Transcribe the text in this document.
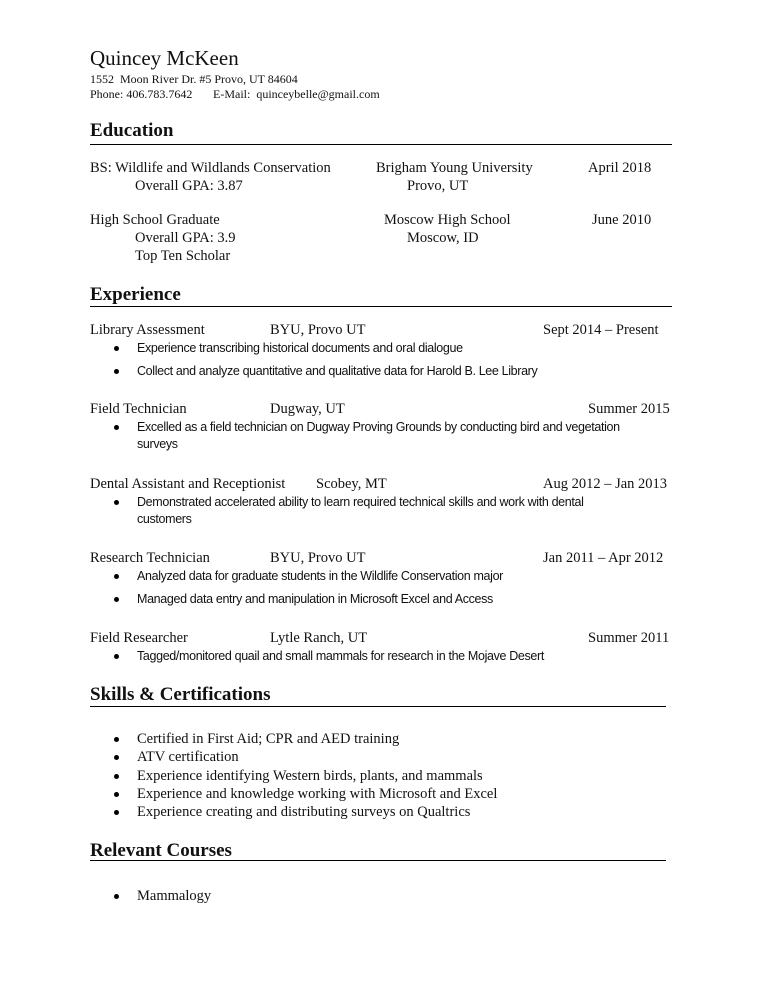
Quincey McKeen
1552  Moon River Dr. #5 Provo, UT 84604
Phone: 406.783.7642 E-Mail:  quinceybelle@gmail.com
Education
BS: Wildlife and Wildlands Conservation	Brigham Young University	April 2018
Overall GPA: 3.87	Provo, UT
High School Graduate	Moscow High School	June 2010
Overall GPA: 3.9	Moscow, ID
Top Ten Scholar
Experience
Library Assessment	BYU, Provo UT	Sept 2014 – Present
Experience transcribing historical documents and oral dialogue
Collect and analyze quantitative and qualitative data for Harold B. Lee Library
Field Technician	Dugway, UT	Summer 2015
Excelled as a field technician on Dugway Proving Grounds by conducting bird and vegetation
surveys
Dental Assistant and Receptionist Scobey, MT	Aug 2012 – Jan 2013
Demonstrated accelerated ability to learn required technical skills and work with dental
customers
Research Technician	BYU, Provo UT	Jan 2011 – Apr 2012
Analyzed data for graduate students in the Wildlife Conservation major
Managed data entry and manipulation in Microsoft Excel and Access
Field Researcher	Lytle Ranch, UT	Summer 2011
Tagged/monitored quail and small mammals for research in the Mojave Desert
Skills & Certifications
Certified in First Aid; CPR and AED training
ATV certification
Experience identifying Western birds, plants, and mammals
Experience and knowledge working with Microsoft and Excel
Experience creating and distributing surveys on Qualtrics
Relevant Courses
Mammalogy
